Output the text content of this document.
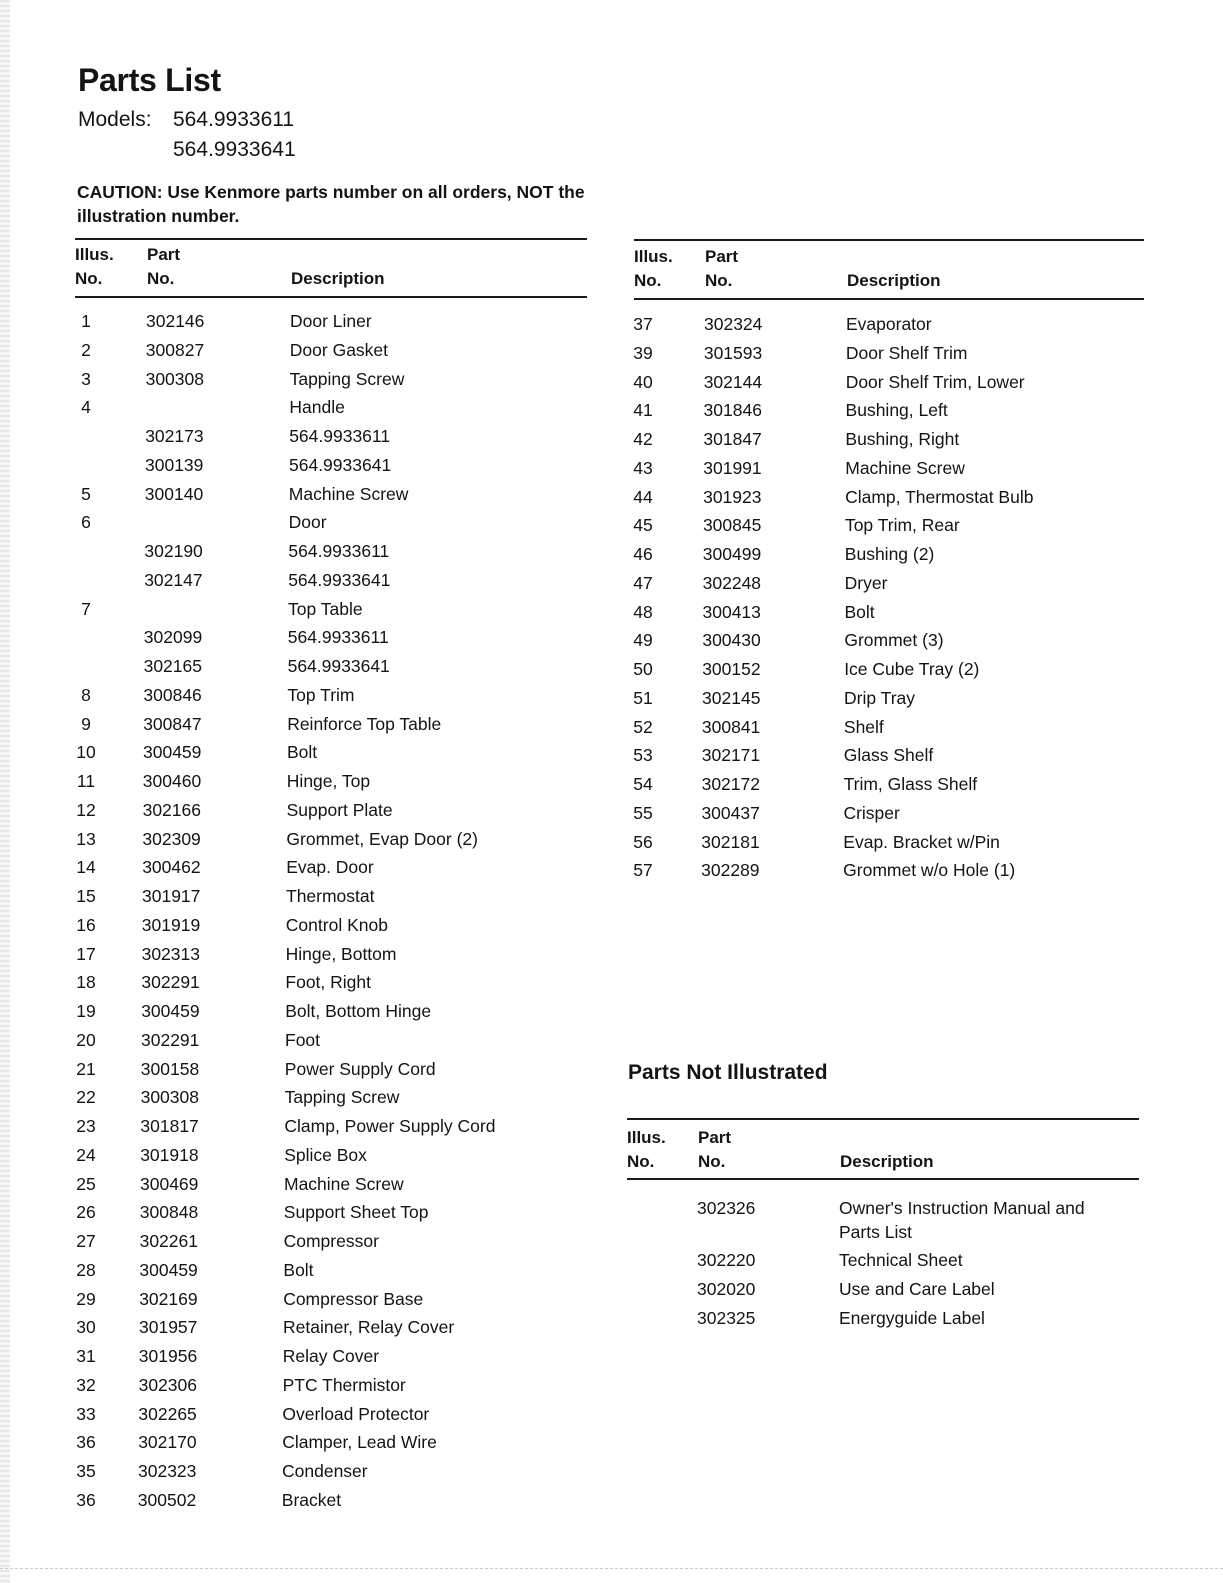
Parts List
Models: 564.9933611
564.9933641
CAUTION: Use Kenmore parts number on all orders, NOT the illustration number.
Illus.
No.
Part
No.	Description
1	302146	Door Liner
2	300827	Door Gasket
3	300308	Tapping Screw
4	Handle
302173	564.9933611
300139	564.9933641
5	300140	Machine Screw
6	Door
302190	564.9933611
302147	564.9933641
7	Top Table
302099	564.9933611
302165	564.9933641
8	300846	Top Trim
9	300847	Reinforce Top Table
10	300459	Bolt
11	300460	Hinge, Top
12	302166	Support Plate
13	302309	Grommet, Evap Door (2)
14	300462	Evap. Door
15	301917	Thermostat
16	301919	Control Knob
17	302313	Hinge, Bottom
18	302291	Foot, Right
19	300459	Bolt, Bottom Hinge
20	302291	Foot
21	300158	Power Supply Cord
22	300308	Tapping Screw
23	301817	Clamp, Power Supply Cord
24	301918	Splice Box
25	300469	Machine Screw
26	300848	Support Sheet Top
27	302261	Compressor
28	300459	Bolt
29	302169	Compressor Base
30	301957	Retainer, Relay Cover
31	301956	Relay Cover
32	302306	PTC Thermistor
33	302265	Overload Protector
36	302170	Clamper, Lead Wire
35	302323	Condenser
36	300502	Bracket
Illus.
No.
Part
No.	Description
37	302324	Evaporator
39	301593	Door Shelf Trim
40	302144	Door Shelf Trim, Lower
41	301846	Bushing, Left
42	301847	Bushing, Right
43	301991	Machine Screw
44	301923	Clamp, Thermostat Bulb
45	300845	Top Trim, Rear
46	300499	Bushing (2)
47	302248	Dryer
48	300413	Bolt
49	300430	Grommet (3)
50	300152	Ice Cube Tray (2)
51	302145	Drip Tray
52	300841	Shelf
53	302171	Glass Shelf
54	302172	Trim, Glass Shelf
55	300437	Crisper
56	302181	Evap. Bracket w/Pin
57	302289	Grommet w/o Hole (1)
Parts Not Illustrated
Illus.
No.
Part
No.	Description
302326	Owner's Instruction Manual and Parts List
302220	Technical Sheet
302020	Use and Care Label
302325	Energyguide Label
